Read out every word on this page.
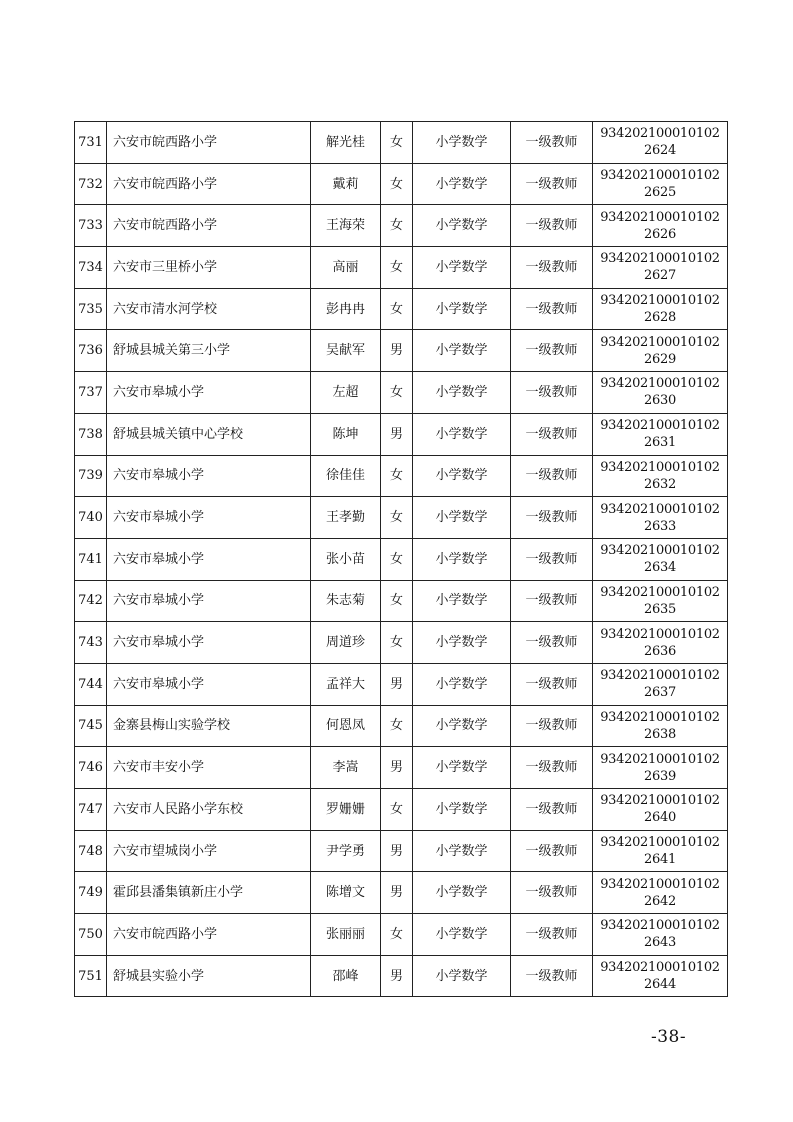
731	六安市皖西路小学	解光桂	女	小学数学	一级教师	934202100010102
2624

732	六安市皖西路小学	戴莉	女	小学数学	一级教师	934202100010102
2625

733	六安市皖西路小学	王海荣	女	小学数学	一级教师	934202100010102
2626

734	六安市三里桥小学	高丽	女	小学数学	一级教师	934202100010102
2627

735	六安市清水河学校	彭冉冉	女	小学数学	一级教师	934202100010102
2628

736	舒城县城关第三小学	吴献军	男	小学数学	一级教师	934202100010102
2629

737	六安市皋城小学	左超	女	小学数学	一级教师	934202100010102
2630

738	舒城县城关镇中心学校	陈坤	男	小学数学	一级教师	934202100010102
2631

739	六安市皋城小学	徐佳佳	女	小学数学	一级教师	934202100010102
2632

740	六安市皋城小学	王孝勤	女	小学数学	一级教师	934202100010102
2633

741	六安市皋城小学	张小苗	女	小学数学	一级教师	934202100010102
2634

742	六安市皋城小学	朱志菊	女	小学数学	一级教师	934202100010102
2635

743	六安市皋城小学	周道珍	女	小学数学	一级教师	934202100010102
2636

744	六安市皋城小学	孟祥大	男	小学数学	一级教师	934202100010102
2637

745	金寨县梅山实验学校	何恩凤	女	小学数学	一级教师	934202100010102
2638

746	六安市丰安小学	李嵩	男	小学数学	一级教师	934202100010102
2639

747	六安市人民路小学东校	罗姗姗	女	小学数学	一级教师	934202100010102
2640

748	六安市望城岗小学	尹学勇	男	小学数学	一级教师	934202100010102
2641

749	霍邱县潘集镇新庄小学	陈增文	男	小学数学	一级教师	934202100010102
2642

750	六安市皖西路小学	张丽丽	女	小学数学	一级教师	934202100010102
2643

751	舒城县实验小学	邵峰	男	小学数学	一级教师	934202100010102
2644
-38-
